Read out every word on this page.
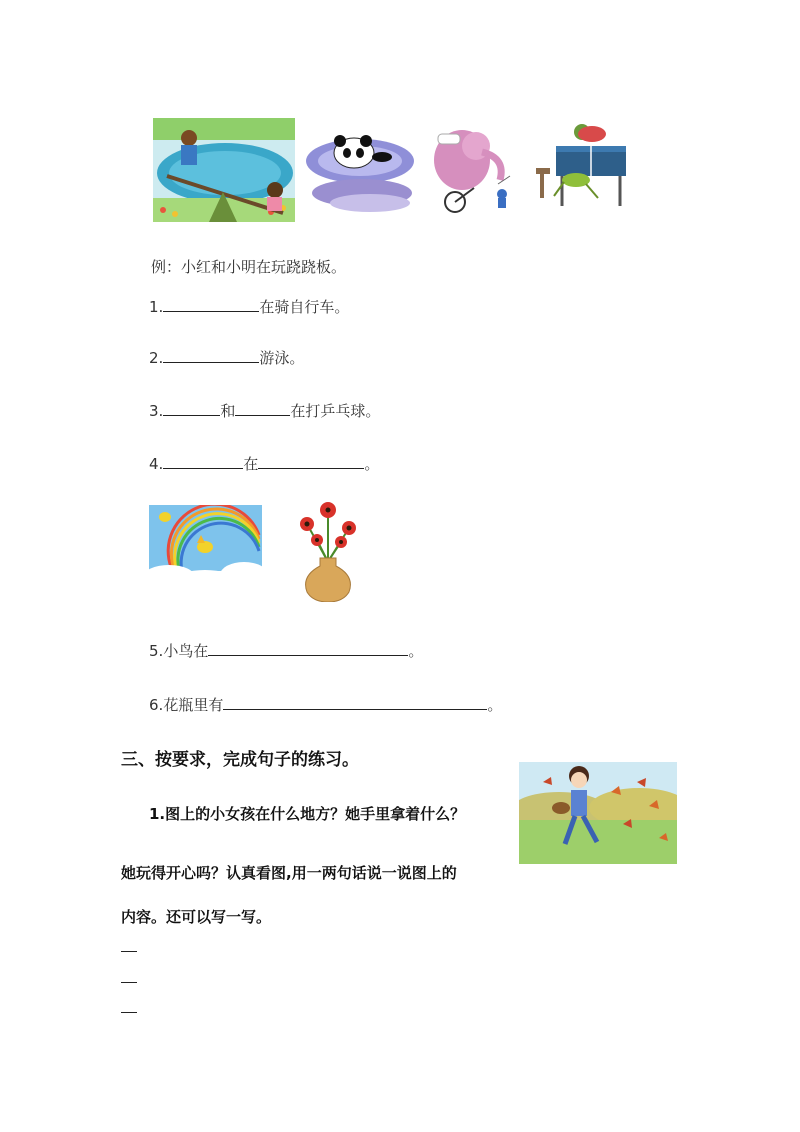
例：小红和小明在玩跷跷板。
1.	在骑自行车。
2.	游泳。
3.	和	在打乒乓球。
4.	在	。
5.小鸟在	。
6.花瓶里有	。
三、按要求，完成句子的练习。
1.图上的小女孩在什么地方？她手里拿着什么？
她玩得开心吗？认真看图,用一两句话说一说图上的
内容。还可以写一写。
